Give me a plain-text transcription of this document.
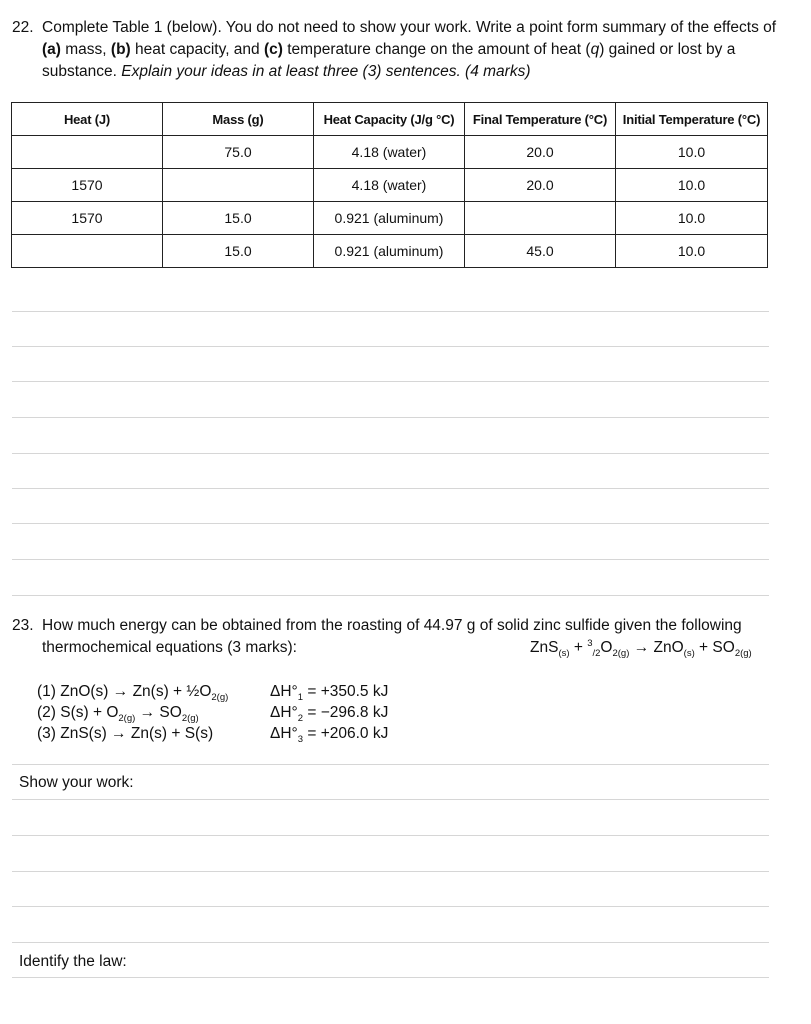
22. Complete Table 1 (below). You do not need to show your work. Write a point form summary of the effects of (a) mass, (b) heat capacity, and (c) temperature change on the amount of heat (q) gained or lost by a substance. Explain your ideas in at least three (3) sentences. (4 marks)
Heat (J)	Mass (g)	Heat Capacity (J/g °C)	Final Temperature (°C)	Initial Temperature (°C)
	75.0	4.18 (water)	20.0	10.0
1570		4.18 (water)	20.0	10.0
1570	15.0	0.921 (aluminum)		10.0
	15.0	0.921 (aluminum)	45.0	10.0
23. How much energy can be obtained from the roasting of 44.97 g of solid zinc sulfide given the following thermochemical equations (3 marks):	$ZnS_{(s)} + ^3_{/2}O_{2(g)} \to ZnO_{(s)} + SO_{2(g)}$
(1) $ZnO(s) \to Zn(s) + \frac{1}{2}O_{2(g)}$
(2) $S(s) + O_{2(g)} \to SO_{2(g)}$
(3) ZnS(s) → Zn(s) + S(s)
$\Delta H^\circ_1 = +350.5$ kJ
$\Delta H^\circ_2 = -296.8$ kJ
$\Delta H^\circ_3 = +206.0$ kJ
Show your work:
Identify the law:
